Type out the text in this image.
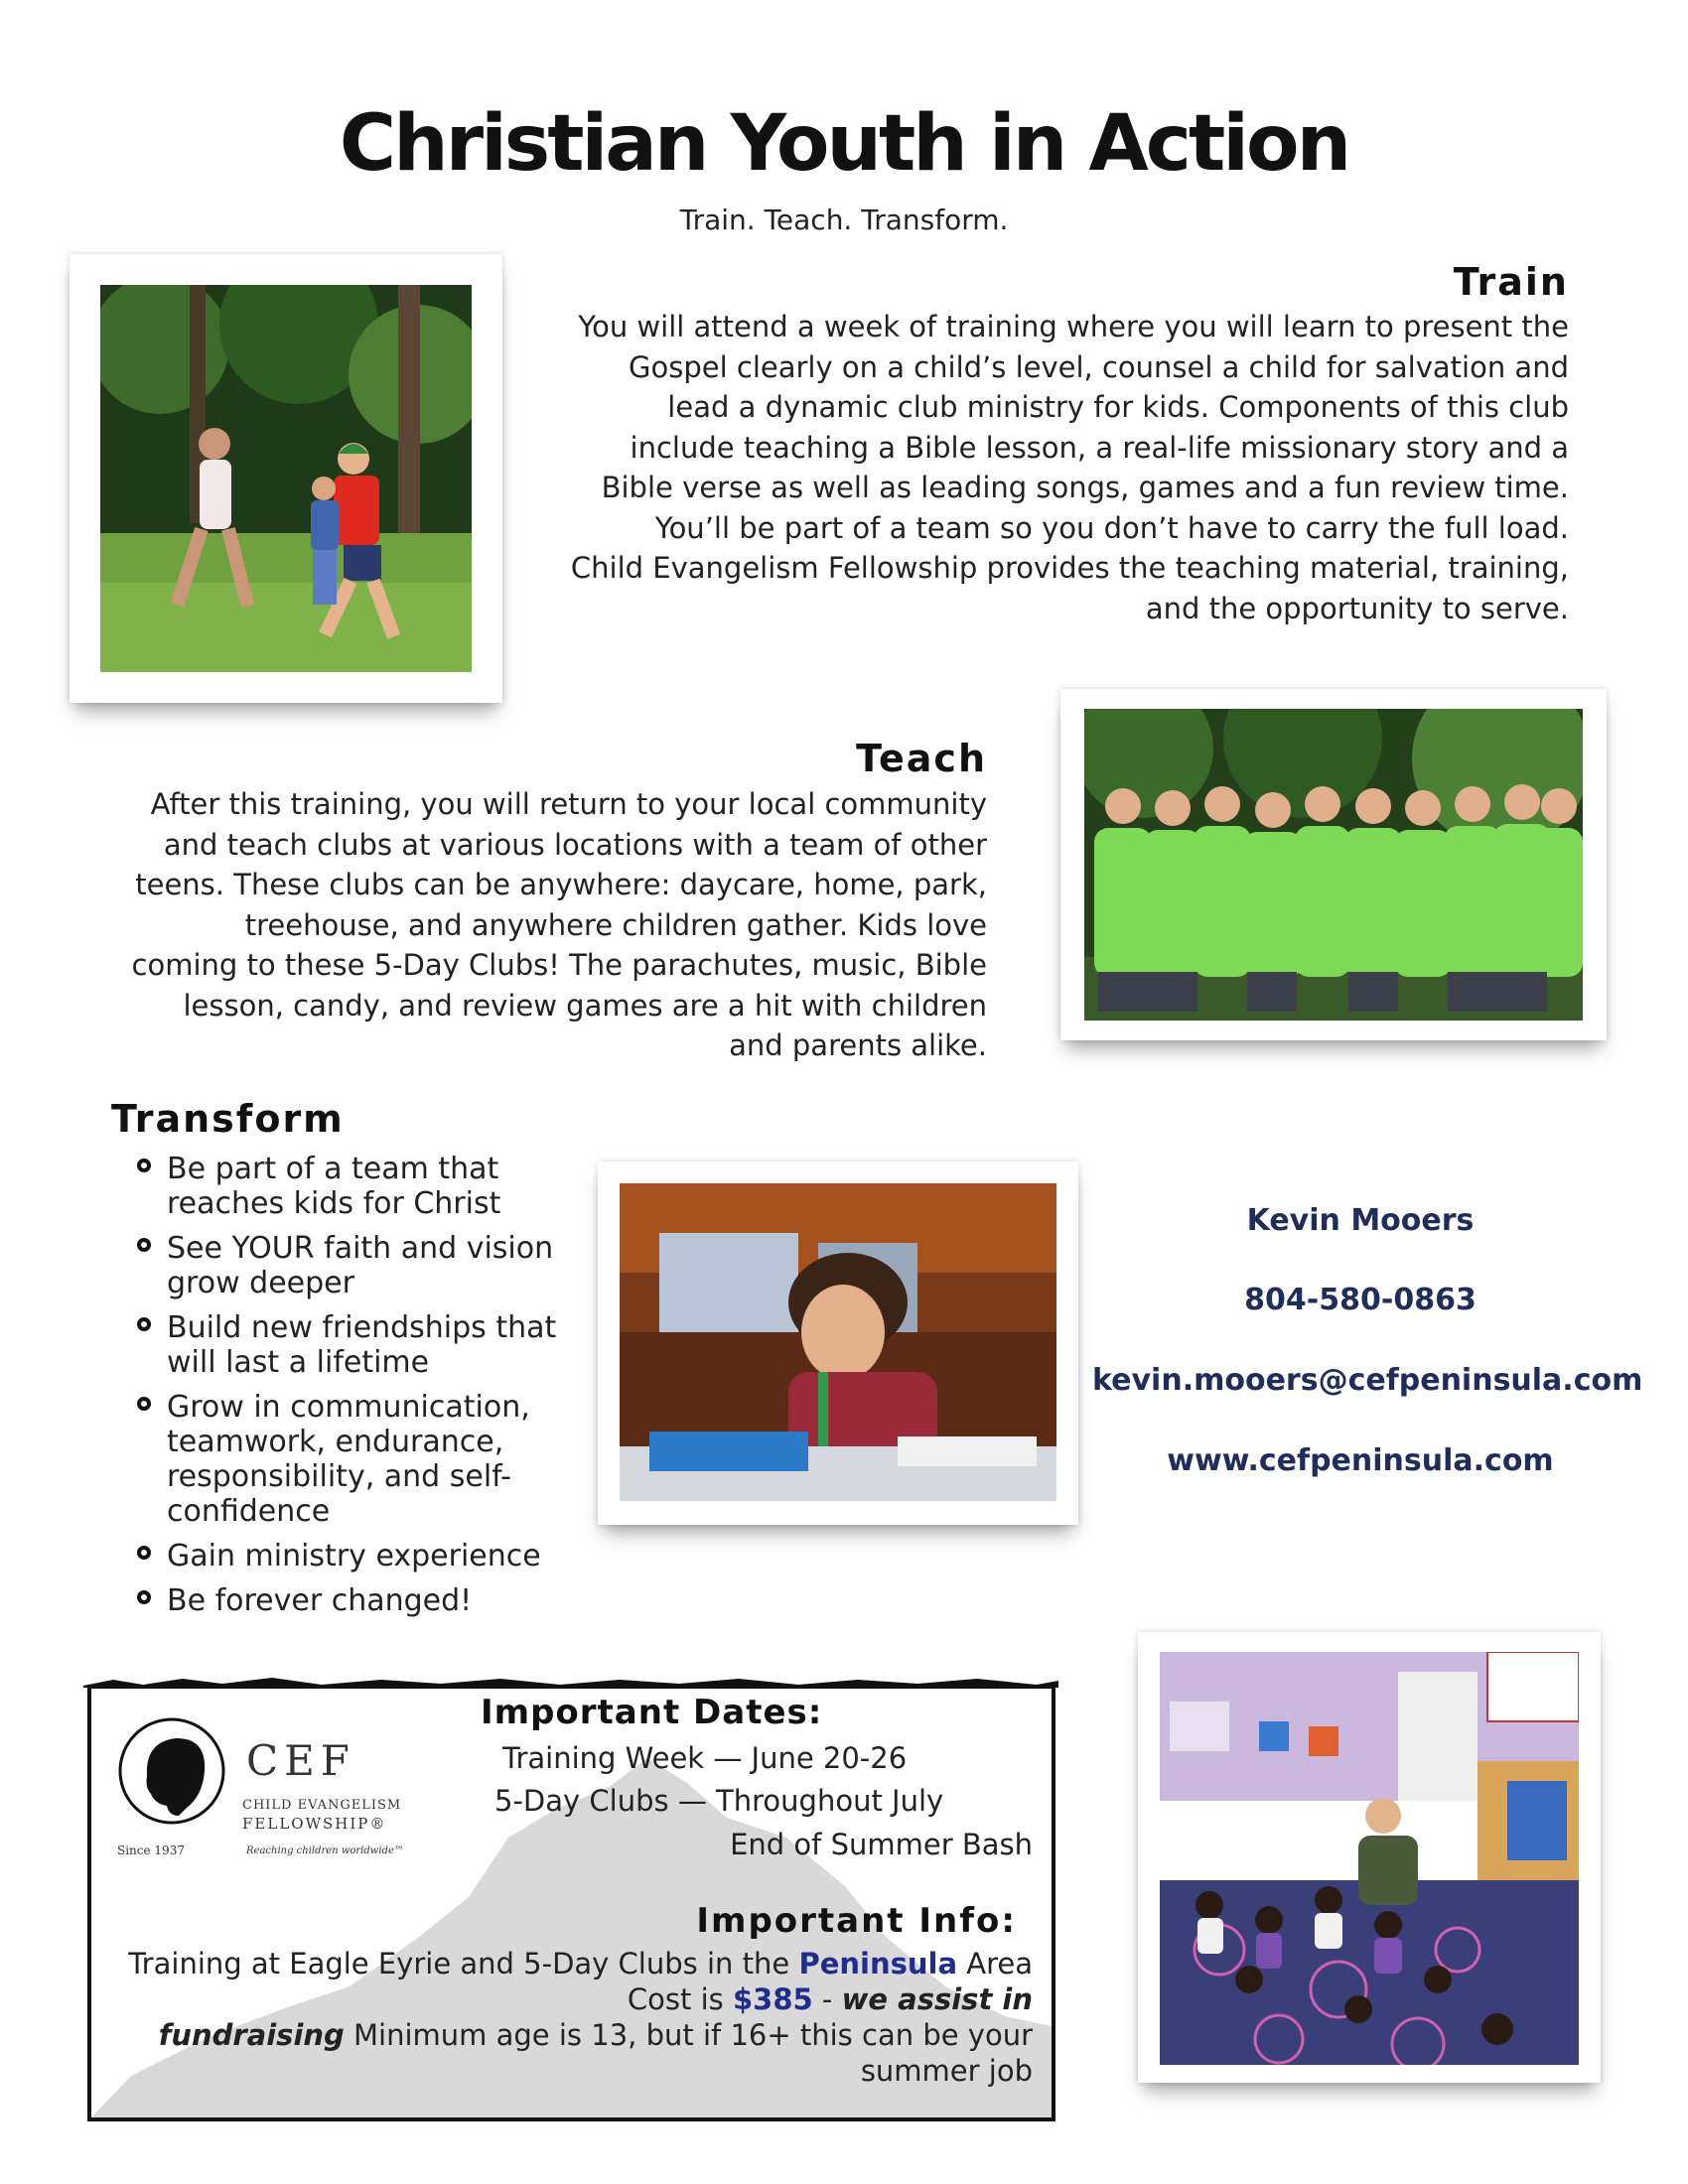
Christian Youth in Action
Train. Teach. Transform.
Train
You will attend a week of training where you will learn to present the
Gospel clearly on a child’s level, counsel a child for salvation and
lead a dynamic club ministry for kids. Components of this club
include teaching a Bible lesson, a real-life missionary story and a
Bible verse as well as leading songs, games and a fun review time.
You’ll be part of a team so you don’t have to carry the full load.
Child Evangelism Fellowship provides the teaching material, training,
and the opportunity to serve.
Teach
After this training, you will return to your local community
and teach clubs at various locations with a team of other
teens. These clubs can be anywhere: daycare, home, park,
treehouse, and anywhere children gather. Kids love
coming to these 5-Day Clubs! The parachutes, music, Bible
lesson, candy, and review games are a hit with children
and parents alike.
Transform
Be part of a team that
reaches kids for Christ
See YOUR faith and vision
grow deeper
Build new friendships that
will last a lifetime
Grow in communication,
teamwork, endurance,
responsibility, and self-
confidence
Gain ministry experience
Be forever changed!
Kevin Mooers
804-580-0863
kevin.mooers@cefpeninsula.com
www.cefpeninsula.com
CEF
CHILD EVANGELISM
FELLOWSHIP®
Since 1937	Reaching children worldwide™
Important Dates:
Training Week — June 20-26
5-Day Clubs — Throughout July
End of Summer Bash
Important Info:
Training at Eagle Eyrie and 5-Day Clubs in the Peninsula Area
Cost is $385 - we assist in
fundraising Minimum age is 13, but if 16+ this can be your
summer job
